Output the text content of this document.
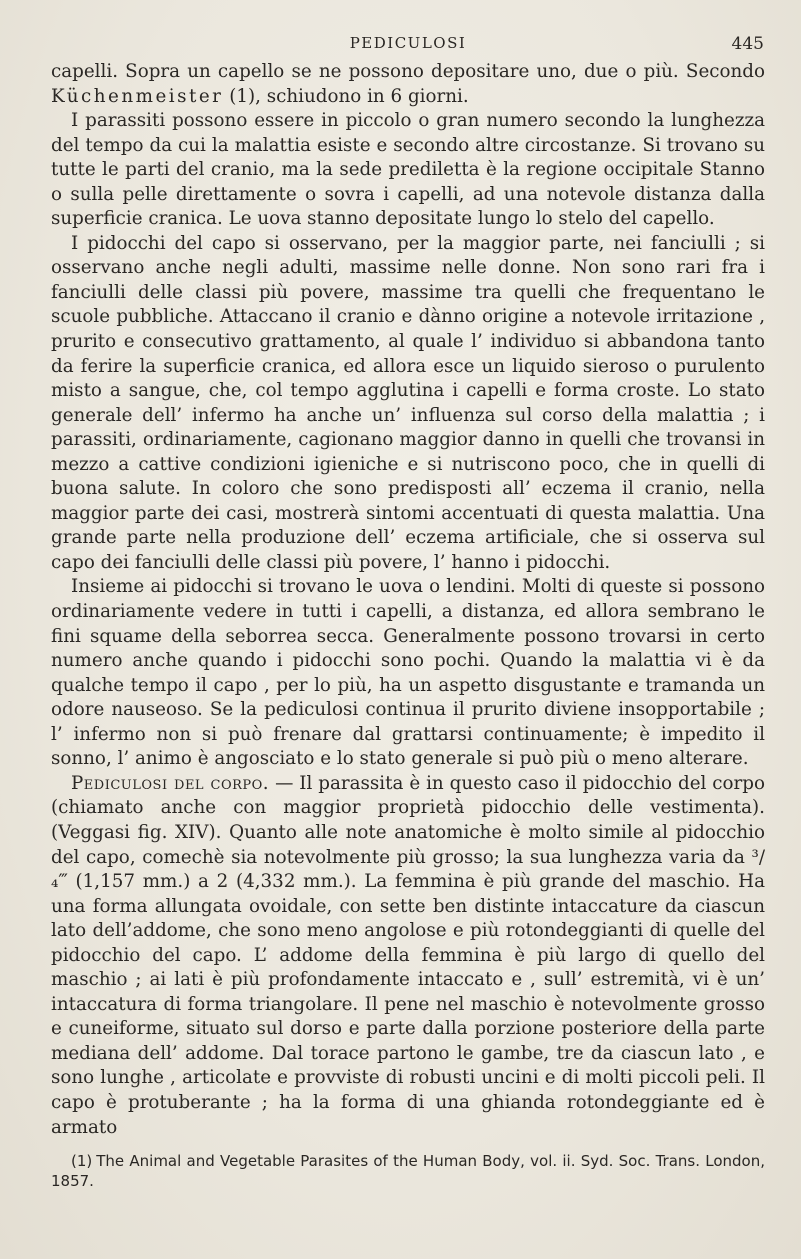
PEDICULOSI	445

capelli. Sopra un capello se ne possono depositare uno, due o più. Secondo Küchenmeister (1), schiudono in 6 giorni.

I parassiti possono essere in piccolo o gran numero secondo la lunghezza del tempo da cui la malattia esiste e secondo altre circostanze. Si trovano su tutte le parti del cranio, ma la sede prediletta è la regione occipitale Stanno o sulla pelle direttamente o sovra i capelli, ad una notevole distanza dalla superficie cranica. Le uova stanno depositate lungo lo stelo del capello.

I pidocchi del capo si osservano, per la maggior parte, nei fanciulli ; si osservano anche negli adulti, massime nelle donne. Non sono rari fra i fanciulli delle classi più povere, massime tra quelli che frequentano le scuole pubbliche. Attaccano il cranio e dànno origine a notevole irritazione , prurito e consecutivo grattamento, al quale l’ individuo si abbandona tanto da ferire la superficie cranica, ed allora esce un liquido sieroso o purulento misto a sangue, che, col tempo agglutina i capelli e forma croste. Lo stato generale dell’ infermo ha anche un’ influenza sul corso della malattia ; i parassiti, ordinariamente, cagionano maggior danno in quelli che trovansi in mezzo a cattive condizioni igieniche e si nutriscono poco, che in quelli di buona salute. In coloro che sono predisposti all’ eczema il cranio, nella maggior parte dei casi, mostrerà sintomi accentuati di questa malattia. Una grande parte nella produzione dell’ eczema artificiale, che si osserva sul capo dei fanciulli delle classi più povere, l’ hanno i pidocchi.

Insieme ai pidocchi si trovano le uova o lendini. Molti di queste si possono ordinariamente vedere in tutti i capelli, a distanza, ed allora sembrano le fini squame della seborrea secca. Generalmente possono trovarsi in certo numero anche quando i pidocchi sono pochi. Quando la malattia vi è da qualche tempo il capo , per lo più, ha un aspetto disgustante e tramanda un odore nauseoso. Se la pediculosi continua il prurito diviene insopportabile ; l’ infermo non si può frenare dal grattarsi continuamente; è impedito il sonno, l’ animo è angosciato e lo stato generale si può più o meno alterare.

Pediculosi del corpo. — Il parassita è in questo caso il pidocchio del corpo (chiamato anche con maggior proprietà pidocchio delle vestimenta). (Veggasi fig. XIV). Quanto alle note anatomiche è molto simile al pidocchio del capo, comechè sia notevolmente più grosso; la sua lunghezza varia da ³/₄‴ (1,157 mm.) a 2 (4,332 mm.). La femmina è più grande del maschio. Ha una forma allungata ovoidale, con sette ben distinte intaccature da ciascun lato dell’addome, che sono meno angolose e più rotondeggianti di quelle del pidocchio del capo. L’ addome della femmina è più largo di quello del maschio ; ai lati è più profondamente intaccato e , sull’ estremità, vi è un’ intaccatura di forma triangolare. Il pene nel maschio è notevolmente grosso e cuneiforme, situato sul dorso e parte dalla porzione posteriore della parte mediana dell’ addome. Dal torace partono le gambe, tre da ciascun lato , e sono lunghe , articolate e provviste di robusti uncini e di molti piccoli peli. Il capo è protuberante ; ha la forma di una ghianda rotondeggiante ed è armato

(1) The Animal and Vegetable Parasites of the Human Body, vol. ii. Syd. Soc. Trans. London, 1857.
